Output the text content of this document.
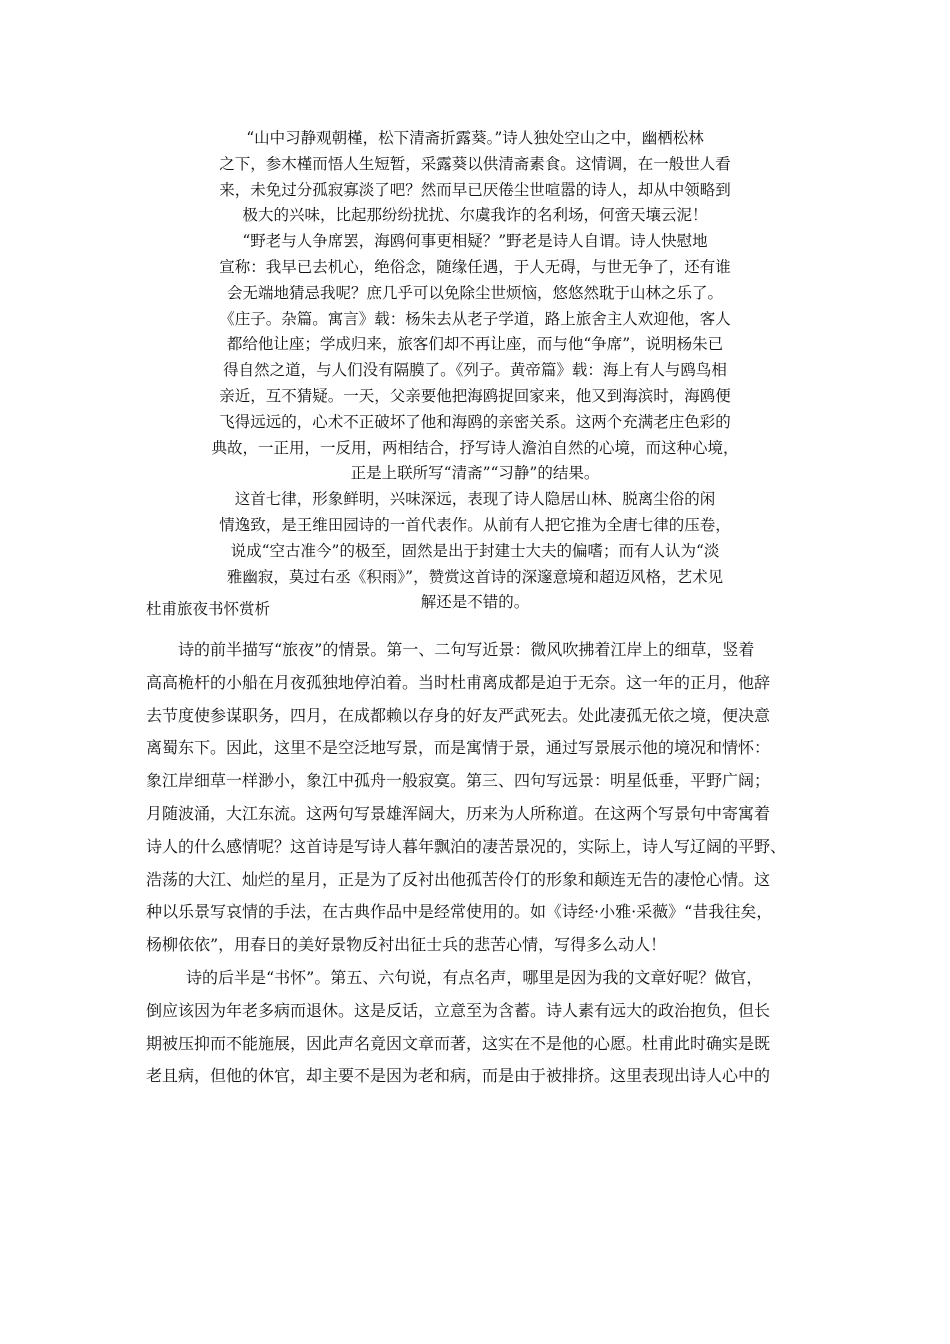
“山中习静观朝槿，松下清斋折露葵。”诗人独处空山之中，幽栖松林
之下，参木槿而悟人生短暂，采露葵以供清斋素食。这情调，在一般世人看
来，未免过分孤寂寡淡了吧？然而早已厌倦尘世喧嚣的诗人，却从中领略到
极大的兴味，比起那纷纷扰扰、尔虞我诈的名利场，何啻天壤云泥！
“野老与人争席罢，海鸥何事更相疑？”野老是诗人自谓。诗人快慰地
宣称：我早已去机心，绝俗念，随缘任遇，于人无碍，与世无争了，还有谁
会无端地猜忌我呢？庶几乎可以免除尘世烦恼，悠悠然耽于山林之乐了。
《庄子。杂篇。寓言》载：杨朱去从老子学道，路上旅舍主人欢迎他，客人
都给他让座；学成归来，旅客们却不再让座，而与他“争席”，说明杨朱已
得自然之道，与人们没有隔膜了。《列子。黄帝篇》载：海上有人与鸥鸟相
亲近，互不猜疑。一天，父亲要他把海鸥捉回家来，他又到海滨时，海鸥便
飞得远远的，心术不正破坏了他和海鸥的亲密关系。这两个充满老庄色彩的
典故，一正用，一反用，两相结合，抒写诗人澹泊自然的心境，而这种心境，
正是上联所写“清斋”“习静”的结果。
这首七律，形象鲜明，兴味深远，表现了诗人隐居山林、脱离尘俗的闲
情逸致，是王维田园诗的一首代表作。从前有人把它推为全唐七律的压卷，
说成“空古准今”的极至，固然是出于封建士大夫的偏嗜；而有人认为“淡
雅幽寂，莫过右丞《积雨》”，赞赏这首诗的深邃意境和超迈风格，艺术见
解还是不错的。
杜甫旅夜书怀赏析
诗的前半描写“旅夜”的情景。第一、二句写近景：微风吹拂着江岸上的细草，竖着
高高桅杆的小船在月夜孤独地停泊着。当时杜甫离成都是迫于无奈。这一年的正月，他辞
去节度使参谋职务，四月，在成都赖以存身的好友严武死去。处此凄孤无依之境，便决意
离蜀东下。因此，这里不是空泛地写景，而是寓情于景，通过写景展示他的境况和情怀：
象江岸细草一样渺小，象江中孤舟一般寂寞。第三、四句写远景：明星低垂，平野广阔；
月随波涌，大江东流。这两句写景雄浑阔大，历来为人所称道。在这两个写景句中寄寓着
诗人的什么感情呢？这首诗是写诗人暮年飘泊的凄苦景况的，实际上，诗人写辽阔的平野、
浩荡的大江、灿烂的星月，正是为了反衬出他孤苦伶仃的形象和颠连无告的凄怆心情。这
种以乐景写哀情的手法，在古典作品中是经常使用的。如《诗经·小雅·采薇》“昔我往矣，
杨柳依依”，用春日的美好景物反衬出征士兵的悲苦心情，写得多么动人！
诗的后半是“书怀”。第五、六句说，有点名声，哪里是因为我的文章好呢？做官，
倒应该因为年老多病而退休。这是反话，立意至为含蓄。诗人素有远大的政治抱负，但长
期被压抑而不能施展，因此声名竟因文章而著，这实在不是他的心愿。杜甫此时确实是既
老且病，但他的休官，却主要不是因为老和病，而是由于被排挤。这里表现出诗人心中的
